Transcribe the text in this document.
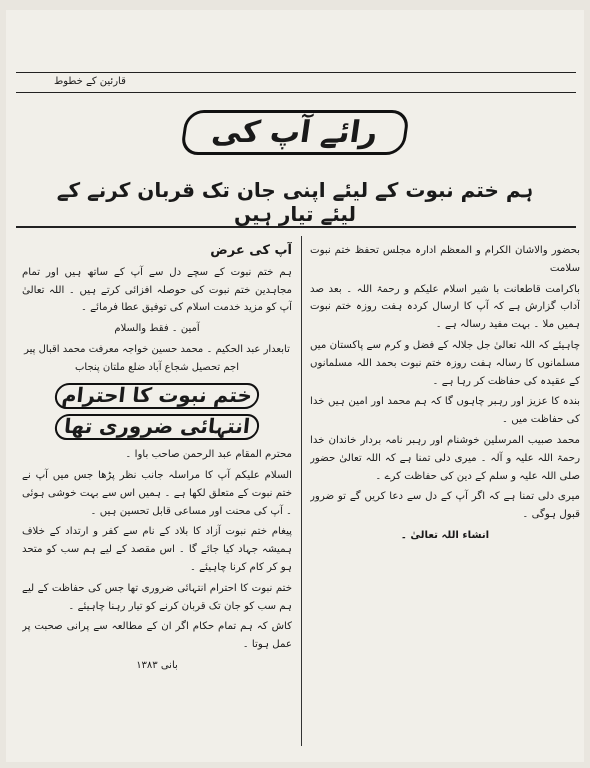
قارئین کے خطوط
رائے آپ کی
ہم ختم نبوت کے لیئے اپنی جان تک قربان کرنے کے لیئے تیار ہیں

بحضور والاشان الکرام و المعظم ادارہ مجلس تحفظ ختم نبوت سلامت

باکرامت قاطعانت با شیر اسلام علیکم و رحمۃ اللہ ۔ بعد صد آداب گزارش ہے کہ آپ کا ارسال کردہ ہفت روزہ ختم نبوت ہمیں ملا ۔ بہت مفید رسالہ ہے ۔

چاہیئے کہ اللہ تعالیٰ جل جلالہ کے فضل و کرم سے پاکستان میں مسلمانوں کا رسالہ ہفت روزہ ختم نبوت بحمد اللہ مسلمانوں کے عقیدہ کی حفاظت کر رہا ہے ۔

بندہ کا عزیز اور رہبر چاہوں گا کہ ہم محمد اور امین ہیں خدا کی حفاظت میں ۔

محمد صبیب المرسلین خوشنام اور رہبر نامہ بردار خاندان خدا رحمۃ اللہ علیہ و آلہ ۔ میری دلی تمنا ہے کہ اللہ تعالیٰ حضور صلی اللہ علیہ و سلم کے دین کی حفاظت کرے ۔

میری دلی تمنا ہے کہ اگر آپ کے دل سے دعا کریں گے تو ضرور قبول ہوگی ۔

انشاء اللہ تعالیٰ ۔

آپ کی عرض

ہم ختم نبوت کے سچے دل سے آپ کے ساتھ ہیں اور تمام مجاہدین ختم نبوت کی حوصلہ افزائی کرتے ہیں ۔ اللہ تعالیٰ آپ کو مزید خدمت اسلام کی توفیق عطا فرمائے ۔

آمین ۔ فقط والسلام

تابعدار عبد الحکیم ۔ محمد حسین خواجہ معرفت محمد اقبال پیر اجم تحصیل شجاع آباد ضلع ملتان پنجاب

ختم نبوت کا احترام
انتہائی ضروری تھا

محترم المقام عبد الرحمن صاحب باوا ۔

السلام علیکم آپ کا مراسلہ جانب نظر پڑھا جس میں آپ نے ختم نبوت کے متعلق لکھا ہے ۔ ہمیں اس سے بہت خوشی ہوئی ۔ آپ کی محنت اور مساعی قابل تحسین ہیں ۔

پیغام ختم نبوت آزاد کا بلاد کے نام سے کفر و ارتداد کے خلاف ہمیشہ جہاد کیا جائے گا ۔ اس مقصد کے لیے ہم سب کو متحد ہو کر کام کرنا چاہیئے ۔

ختم نبوت کا احترام انتہائی ضروری تھا جس کی حفاظت کے لیے ہم سب کو جان تک قربان کرنے کو تیار رہنا چاہیئے ۔

کاش کہ ہم تمام حکام اگر ان کے مطالعہ سے پرانی صحبت پر عمل ہوتا ۔

بانی ۱۳۸۳
